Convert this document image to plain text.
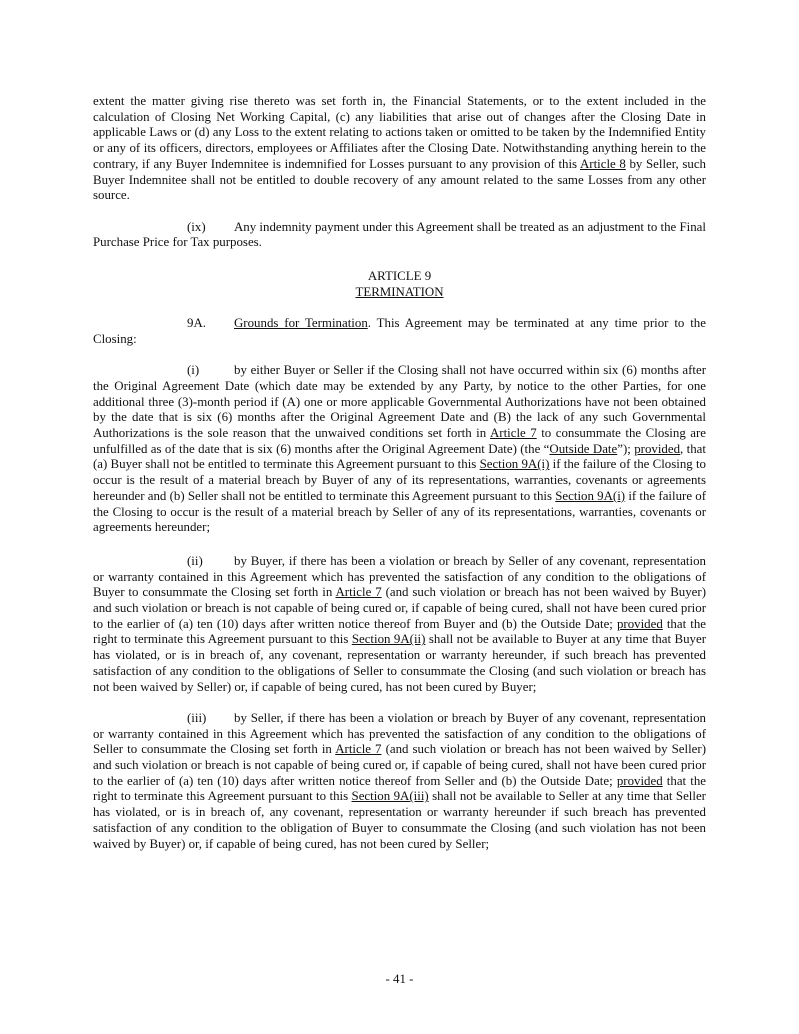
extent the matter giving rise thereto was set forth in, the Financial Statements, or to the extent included in the calculation of Closing Net Working Capital, (c) any liabilities that arise out of changes after the Closing Date in applicable Laws or (d) any Loss to the extent relating to actions taken or omitted to be taken by the Indemnified Entity or any of its officers, directors, employees or Affiliates after the Closing Date. Notwithstanding anything herein to the contrary, if any Buyer Indemnitee is indemnified for Losses pursuant to any provision of this Article 8 by Seller, such Buyer Indemnitee shall not be entitled to double recovery of any amount related to the same Losses from any other source.

(ix) Any indemnity payment under this Agreement shall be treated as an adjustment to the Final Purchase Price for Tax purposes.

ARTICLE 9

TERMINATION

9A. Grounds for Termination. This Agreement may be terminated at any time prior to the Closing:

(i)	by either Buyer or Seller if the Closing shall not have occurred within six (6) months after the Original Agreement Date (which date may be extended by any Party, by notice to the other Parties, for one additional three (3)-month period if (A) one or more applicable Governmental Authorizations have not been obtained by the date that is six (6) months after the Original Agreement Date and (B) the lack of any such Governmental Authorizations is the sole reason that the unwaived conditions set forth in Article 7 to consummate the Closing are unfulfilled as of the date that is six (6) months after the Original Agreement Date) (the “Outside Date”); provided, that (a) Buyer shall not be entitled to terminate this Agreement pursuant to this Section 9A(i) if the failure of the Closing to occur is the result of a material breach by Buyer of any of its representations, warranties, covenants or agreements hereunder and (b) Seller shall not be entitled to terminate this Agreement pursuant to this Section 9A(i) if the failure of the Closing to occur is the result of a material breach by Seller of any of its representations, warranties, covenants or agreements hereunder;

(ii) by Buyer, if there has been a violation or breach by Seller of any covenant, representation or warranty contained in this Agreement which has prevented the satisfaction of any condition to the obligations of Buyer to consummate the Closing set forth in Article 7 (and such violation or breach has not been waived by Buyer) and such violation or breach is not capable of being cured or, if capable of being cured, shall not have been cured prior to the earlier of (a) ten (10) days after written notice thereof from Buyer and (b) the Outside Date; provided that the right to terminate this Agreement pursuant to this Section 9A(ii) shall not be available to Buyer at any time that Buyer has violated, or is in breach of, any covenant, representation or warranty hereunder, if such breach has prevented satisfaction of any condition to the obligations of Seller to consummate the Closing (and such violation or breach has not been waived by Seller) or, if capable of being cured, has not been cured by Buyer;

(iii) by Seller, if there has been a violation or breach by Buyer of any covenant, representation or warranty contained in this Agreement which has prevented the satisfaction of any condition to the obligations of Seller to consummate the Closing set forth in Article 7 (and such violation or breach has not been waived by Seller) and such violation or breach is not capable of being cured or, if capable of being cured, shall not have been cured prior to the earlier of (a) ten (10) days after written notice thereof from Seller and (b) the Outside Date; provided that the right to terminate this Agreement pursuant to this Section 9A(iii) shall not be available to Seller at any time that Seller has violated, or is in breach of, any covenant, representation or warranty hereunder if such breach has prevented satisfaction of any condition to the obligation of Buyer to consummate the Closing (and such violation has not been waived by Buyer) or, if capable of being cured, has not been cured by Seller;

- 41 -
